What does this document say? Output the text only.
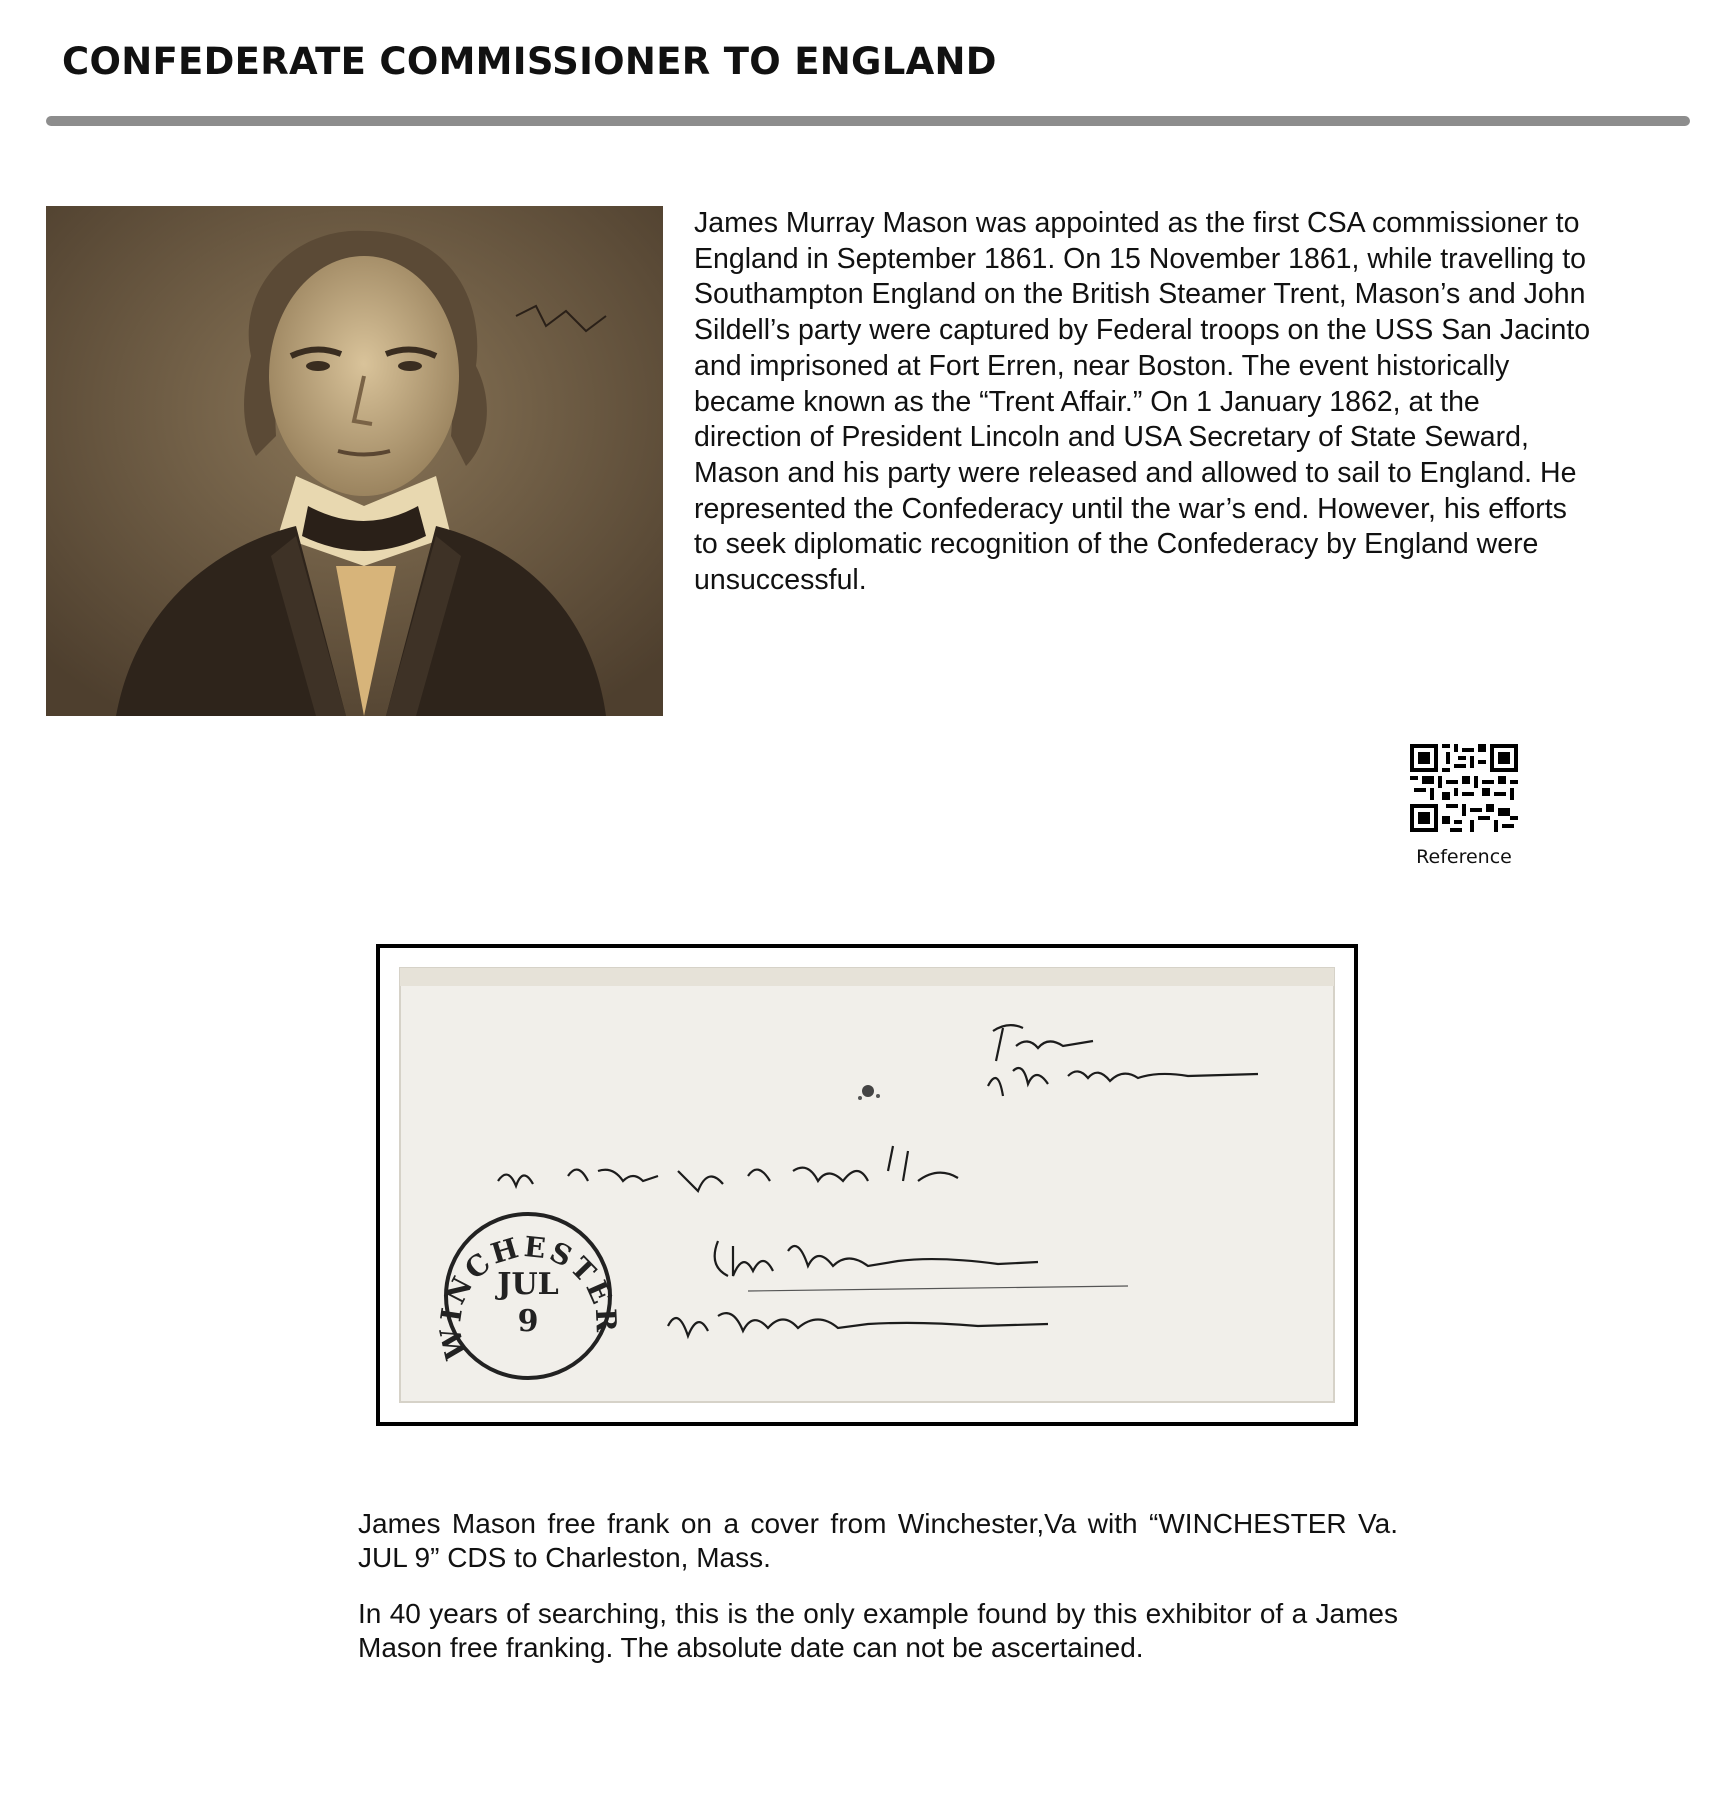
CONFEDERATE COMMISSIONER TO ENGLAND
James Murray Mason was appointed as the first CSA commissioner to England in September 1861. On 15 November 1861, while travelling to Southampton England on the British Steamer Trent, Mason’s and John Sildell’s party were captured by Federal troops on the USS San Jacinto and imprisoned at Fort Erren, near Boston. The event historically became known as the “Trent Affair.” On 1 January 1862, at the direction of President Lincoln and USA Secretary of State Seward, Mason and his party were released and allowed to sail to England. He represented the Confederacy until the war’s end. However, his efforts to seek diplomatic recognition of the Confederacy by England were unsuccessful.
Reference
JUL
9
WINCHESTER

James Mason free frank on a cover from Winchester,Va with “WINCHESTER Va. JUL 9” CDS to Charleston, Mass.

In 40 years of searching, this is the only example found by this exhibitor of a James Mason free franking. The absolute date can not be ascertained.
